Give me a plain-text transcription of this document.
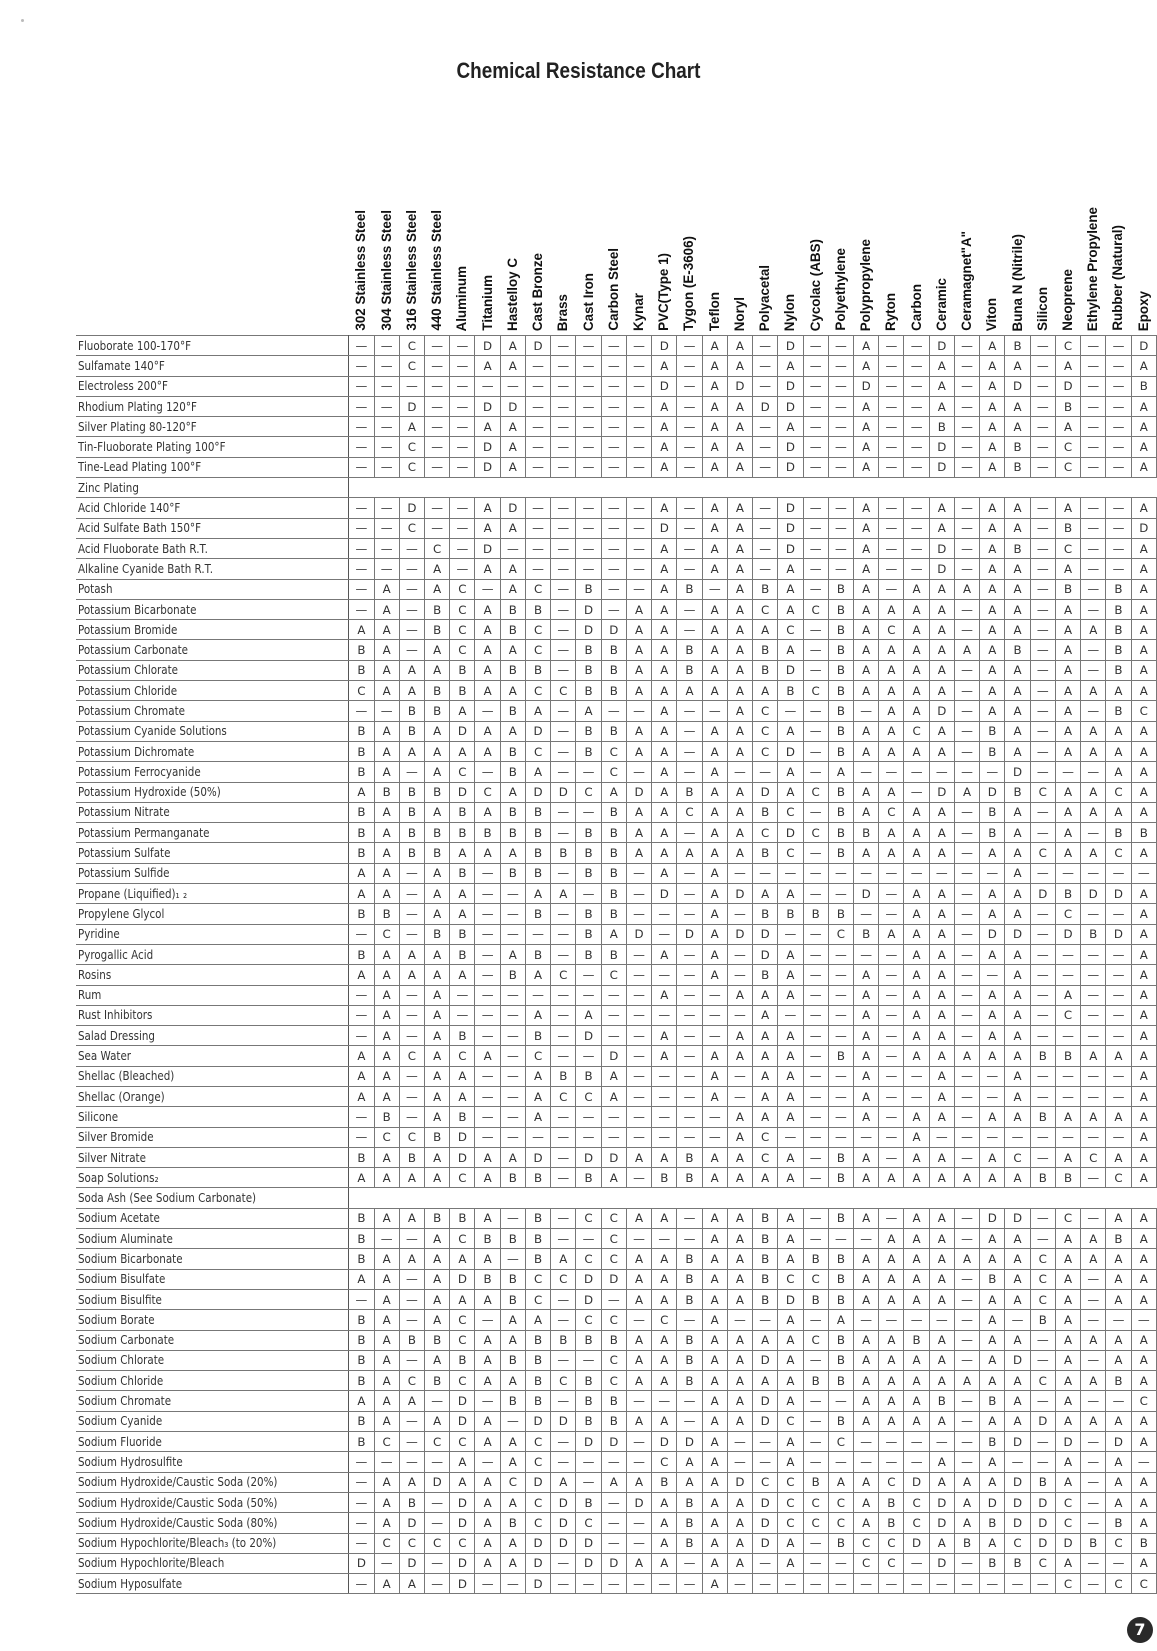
Chemical Resistance Chart

	302 Stainless Steel	304 Stainless Steel	316 Stainless Steel	440 Stainless Steel	Aluminum	Titanium	Hastelloy C	Cast Bronze	Brass	Cast Iron	Carbon Steel	Kynar	PVC(Type 1)	Tygon (E-3606)	Teflon	Noryl	Polyacetal	Nylon	Cycolac (ABS)	Polyethylene	Polypropylene	Ryton	Carbon	Ceramic	Ceramagnet"A"	Viton	Buna N (Nitrile)	Silicon	Neoprene	Ethylene Propylene	Rubber (Natural)	Epoxy

Fluoborate 100-170°F	—	—	C	—	—	D	A	D	—	—	—	—	D	—	A	A	—	D	—	—	A	—	—	D	—	A	B	—	C	—	—	D
Sulfamate 140°F	—	—	C	—	—	A	A	—	—	—	—	—	A	—	A	A	—	A	—	—	A	—	—	A	—	A	A	—	A	—	—	A
Electroless 200°F	—	—	—	—	—	—	—	—	—	—	—	—	D	—	A	D	—	D	—	—	D	—	—	A	—	A	D	—	D	—	—	B
Rhodium Plating 120°F	—	—	D	—	—	D	D	—	—	—	—	—	A	—	A	A	D	D	—	—	A	—	—	A	—	A	A	—	B	—	—	A
Silver Plating 80-120°F	—	—	A	—	—	A	A	—	—	—	—	—	A	—	A	A	—	A	—	—	A	—	—	B	—	A	A	—	A	—	—	A
Tin-Fluoborate Plating 100°F	—	—	C	—	—	D	A	—	—	—	—	—	A	—	A	A	—	D	—	—	A	—	—	D	—	A	B	—	C	—	—	A
Tine-Lead Plating 100°F	—	—	C	—	—	D	A	—	—	—	—	—	A	—	A	A	—	D	—	—	A	—	—	D	—	A	B	—	C	—	—	A
Zinc Plating																																
Acid Chloride 140°F	—	—	D	—	—	A	D	—	—	—	—	—	A	—	A	A	—	D	—	—	A	—	—	A	—	A	A	—	A	—	—	A
Acid Sulfate Bath 150°F	—	—	C	—	—	A	A	—	—	—	—	—	D	—	A	A	—	D	—	—	A	—	—	A	—	A	A	—	B	—	—	D
Acid Fluoborate Bath R.T.	—	—	—	C	—	D	—	—	—	—	—	—	A	—	A	A	—	D	—	—	A	—	—	D	—	A	B	—	C	—	—	A
Alkaline Cyanide Bath R.T.	—	—	—	A	—	A	A	—	—	—	—	—	A	—	A	A	—	A	—	—	A	—	—	D	—	A	A	—	A	—	—	A
Potash	—	A	—	A	C	—	A	C	—	B	—	—	A	B	—	A	B	A	—	B	A	—	A	A	A	A	A	—	B	—	B	A
Potassium Bicarbonate	—	A	—	B	C	A	B	B	—	D	—	A	A	—	A	A	C	A	C	B	A	A	A	A	—	A	A	—	A	—	B	A
Potassium Bromide	A	A	—	B	C	A	B	C	—	D	D	A	A	—	A	A	A	C	—	B	A	C	A	A	—	A	A	—	A	A	B	A
Potassium Carbonate	B	A	—	A	C	A	A	C	—	B	B	A	A	B	A	A	B	A	—	B	A	A	A	A	A	A	B	—	A	—	B	A
Potassium Chlorate	B	A	A	A	B	A	B	B	—	B	B	A	A	B	A	A	B	D	—	B	A	A	A	A	—	A	A	—	A	—	B	A
Potassium Chloride	C	A	A	B	B	A	A	C	C	B	B	A	A	A	A	A	A	B	C	B	A	A	A	A	—	A	A	—	A	A	A	A
Potassium Chromate	—	—	B	B	A	—	B	A	—	A	—	—	A	—	—	A	C	—	—	B	—	A	A	D	—	A	A	—	A	—	B	C
Potassium Cyanide Solutions	B	A	B	A	D	A	A	D	—	B	B	A	A	—	A	A	C	A	—	B	A	A	C	A	—	B	A	—	A	A	A	A
Potassium Dichromate	B	A	A	A	A	A	B	C	—	B	C	A	A	—	A	A	C	D	—	B	A	A	A	A	—	B	A	—	A	A	A	A
Potassium Ferrocyanide	B	A	—	A	C	—	B	A	—	—	C	—	A	—	A	—	—	A	—	A	—	—	—	—	—	—	D	—	—	—	A	A
Potassium Hydroxide (50%)	A	B	B	B	D	C	A	D	D	C	A	D	A	B	A	A	D	A	C	B	A	A	—	D	A	D	B	C	A	A	C	A
Potassium Nitrate	B	A	B	A	B	A	B	B	—	—	B	A	A	C	A	A	B	C	—	B	A	C	A	A	—	B	A	—	A	A	A	A
Potassium Permanganate	B	A	B	B	B	B	B	B	—	B	B	A	A	—	A	A	C	D	C	B	B	A	A	A	—	B	A	—	A	—	B	B
Potassium Sulfate	B	A	B	B	A	A	A	B	B	B	B	A	A	A	A	A	B	C	—	B	A	A	A	A	—	A	A	C	A	A	C	A
Potassium Sulfide	A	A	—	A	B	—	B	B	—	B	B	—	A	—	A	—	—	—	—	—	—	—	—	—	—	—	A	—	—	—	—	—
Propane (Liquified)₁ ₂	A	A	—	A	A	—	—	A	A	—	B	—	D	—	A	D	A	A	—	—	D	—	A	A	—	A	A	D	B	D	D	A
Propylene Glycol	B	B	—	A	A	—	—	B	—	B	B	—	—	—	A	—	B	B	B	B	—	—	A	A	—	A	A	—	C	—	—	A
Pyridine	—	C	—	B	B	—	—	—	—	B	A	D	—	D	A	D	D	—	—	C	B	A	A	A	—	D	D	—	D	B	D	A
Pyrogallic Acid	B	A	A	A	B	—	A	B	—	B	B	—	A	—	A	—	D	A	—	—	—	—	A	A	—	A	A	—	—	—	—	A
Rosins	A	A	A	A	A	—	B	A	C	—	C	—	—	—	A	—	B	A	—	—	A	—	A	A	—	—	A	—	—	—	—	A
Rum	—	A	—	A	—	—	—	—	—	—	—	—	A	—	—	A	A	A	—	—	A	—	A	A	—	A	A	—	A	—	—	A
Rust Inhibitors	—	A	—	A	—	—	—	A	—	A	—	—	—	—	—	—	A	—	—	—	A	—	A	A	—	A	A	—	C	—	—	A
Salad Dressing	—	A	—	A	B	—	—	B	—	D	—	—	A	—	—	A	A	A	—	—	A	—	A	A	—	A	A	—	—	—	—	A
Sea Water	A	A	C	A	C	A	—	C	—	—	D	—	A	—	A	A	A	A	—	B	A	—	A	A	A	A	A	B	B	A	A	A
Shellac (Bleached)	A	A	—	A	A	—	—	A	B	B	A	—	—	—	A	—	A	A	—	—	A	—	—	A	—	—	A	—	—	—	—	A
Shellac (Orange)	A	A	—	A	A	—	—	A	C	C	A	—	—	—	A	—	A	A	—	—	A	—	—	A	—	—	A	—	—	—	—	A
Silicone	—	B	—	A	B	—	—	A	—	—	—	—	—	—	—	A	A	A	—	—	A	—	A	A	—	A	A	B	A	A	A	A
Silver Bromide	—	C	C	B	D	—	—	—	—	—	—	—	—	—	—	A	C	—	—	—	—	—	A	—	—	—	—	—	—	—	—	A
Silver Nitrate	B	A	B	A	D	A	A	D	—	D	D	A	A	B	A	A	C	A	—	B	A	—	A	A	—	A	C	—	A	C	A	A
Soap Solutions₂	A	A	A	A	C	A	B	B	—	B	A	—	B	B	A	A	A	A	—	B	A	A	A	A	A	A	A	B	B	—	C	A
Soda Ash (See Sodium Carbonate)																																
Sodium Acetate	B	A	A	B	B	A	—	B	—	C	C	A	A	—	A	A	B	A	—	B	A	—	A	A	—	D	D	—	C	—	A	A
Sodium Aluminate	B	—	—	A	C	B	B	B	—	—	C	—	—	—	A	A	B	A	—	—	—	A	A	A	—	A	A	—	A	A	B	A
Sodium Bicarbonate	B	A	A	A	A	A	—	B	A	C	C	A	A	B	A	A	B	A	B	B	A	A	A	A	A	A	A	C	A	A	A	A
Sodium Bisulfate	A	A	—	A	D	B	B	C	C	D	D	A	A	B	A	A	B	C	C	B	A	A	A	A	—	B	A	C	A	—	A	A
Sodium Bisulfite	—	A	—	A	A	A	B	C	—	D	—	A	A	B	A	A	B	D	B	B	A	A	A	A	—	A	A	C	A	—	A	A
Sodium Borate	B	A	—	A	C	—	A	A	—	C	C	—	C	—	A	—	—	A	—	A	—	—	—	—	—	A	—	B	A	—	—	—
Sodium Carbonate	B	A	B	B	C	A	A	B	B	B	B	A	A	B	A	A	A	A	C	B	A	A	B	A	—	A	A	—	A	A	A	A
Sodium Chlorate	B	A	—	A	B	A	B	B	—	—	C	A	A	B	A	A	D	A	—	B	A	A	A	A	—	A	D	—	A	—	A	A
Sodium Chloride	B	A	C	B	C	A	A	B	C	B	C	A	A	B	A	A	A	A	B	B	A	A	A	A	A	A	A	C	A	A	B	A
Sodium Chromate	A	A	A	—	D	—	B	B	—	B	B	—	—	—	A	A	D	A	—	—	A	A	A	B	—	B	A	—	A	—	—	C
Sodium Cyanide	B	A	—	A	D	A	—	D	D	B	B	A	A	—	A	A	D	C	—	B	A	A	A	A	—	A	A	D	A	A	A	A
Sodium Fluoride	B	C	—	C	C	A	A	C	—	D	D	—	D	D	A	—	—	A	—	C	—	—	—	—	—	B	D	—	D	—	D	A
Sodium Hydrosulfite	—	—	—	—	A	—	A	C	—	—	—	—	C	A	A	—	—	A	—	—	—	—	—	A	—	A	—	—	A	—	A	—
Sodium Hydroxide/Caustic Soda (20%)	—	A	A	D	A	A	C	D	A	—	A	A	B	A	A	D	C	C	B	A	A	C	D	A	A	A	D	B	A	—	A	A
Sodium Hydroxide/Caustic Soda (50%)	—	A	B	—	D	A	A	C	D	B	—	D	A	B	A	A	D	C	C	C	A	B	C	D	A	D	D	D	C	—	A	A
Sodium Hydroxide/Caustic Soda (80%)	—	A	D	—	D	A	B	C	D	C	—	—	A	B	A	A	D	C	C	C	A	B	C	D	A	B	D	D	C	—	B	A
Sodium Hypochlorite/Bleach₃ (to 20%)	—	C	C	C	C	A	A	D	D	D	—	—	A	B	A	A	D	A	—	B	C	C	D	A	B	A	C	D	D	B	C	B
Sodium Hypochlorite/Bleach	D	—	D	—	D	A	A	D	—	D	D	A	A	—	A	A	—	A	—	—	C	C	—	D	—	B	B	C	A	—	—	A
Sodium Hyposulfate	—	A	A	—	D	—	—	D	—	—	—	—	—	—	A	—	—	—	—	—	—	—	—	—	—	—	—	—	C	—	C	C
7
